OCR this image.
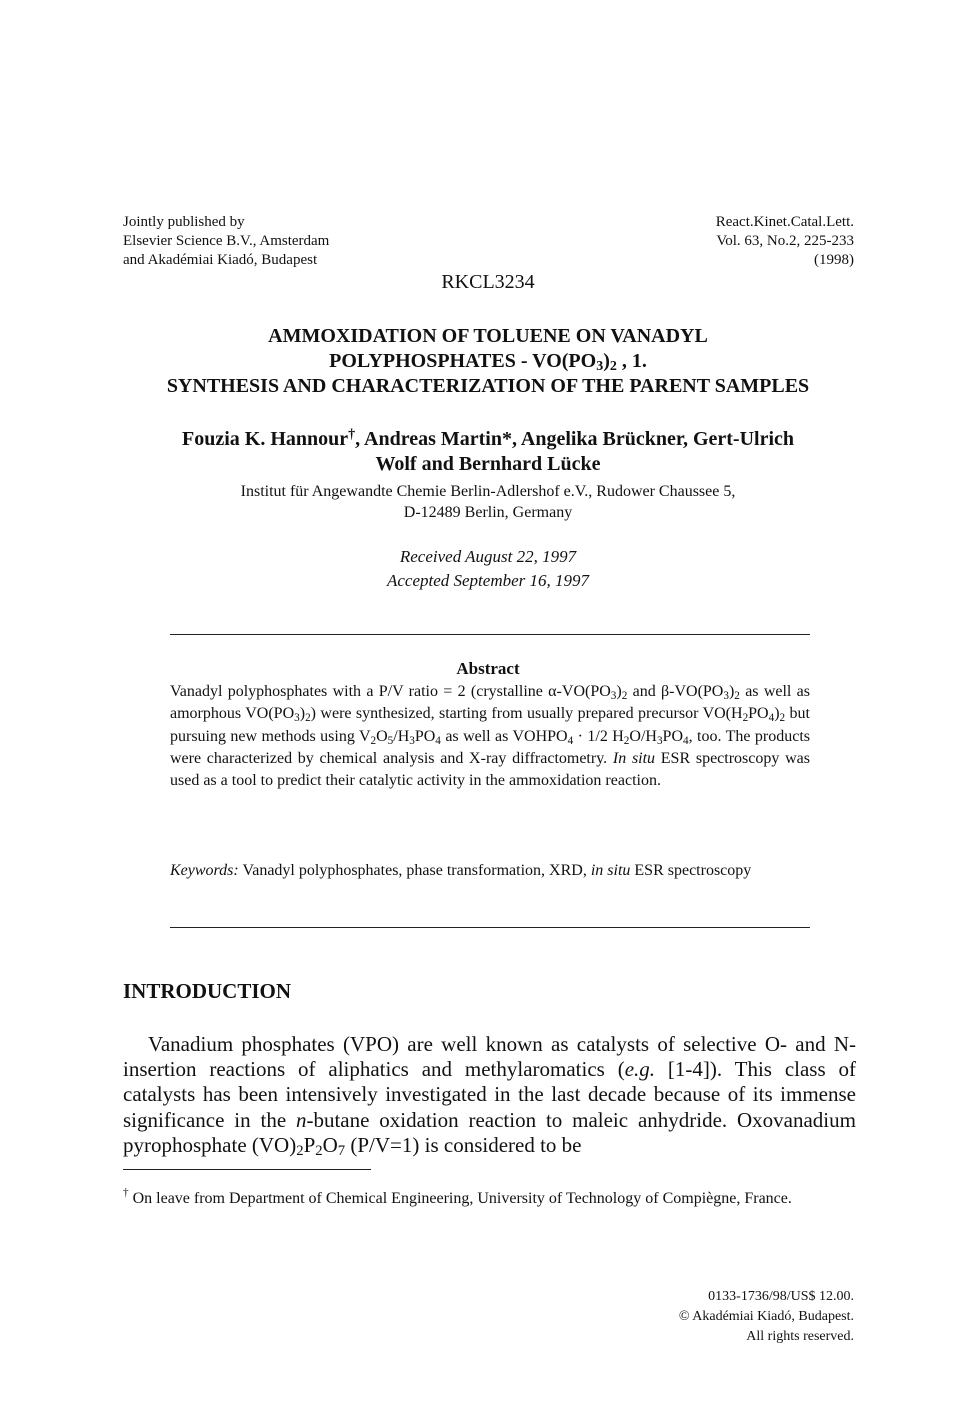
Jointly published by
Elsevier Science B.V., Amsterdam
and Akadémiai Kiadó, Budapest
React.Kinet.Catal.Lett.
Vol. 63, No.2, 225-233
(1998)
RKCL3234
AMMOXIDATION OF TOLUENE ON VANADYL
POLYPHOSPHATES - $VO(PO_3)_2$ , 1.
SYNTHESIS AND CHARACTERIZATION OF THE PARENT SAMPLES
Fouzia K. Hannour†, Andreas Martin*, Angelika Brückner, Gert-Ulrich
Wolf and Bernhard Lücke
Institut für Angewandte Chemie Berlin-Adlershof e.V., Rudower Chaussee 5,
D-12489 Berlin, Germany
Received August 22, 1997
Accepted September 16, 1997
Abstract
Vanadyl polyphosphates with a P/V ratio = 2 (crystalline $\alpha-VO(PO_3)_2$ and $\beta-VO(PO_3)_2$ as well as amorphous $VO(PO_3)_2$) were synthesized, starting from usually prepared precursor $VO(H_2PO_4)_2$ but pursuing new methods using $V_2O_5/H_3PO_4$ as well as $VOHPO_4 \cdot 1/2$ $H_2O/H_3PO_4$, too. The products were characterized by chemical analysis and X-ray diffractometry. In situ ESR spectroscopy was used as a tool to predict their catalytic activity in the ammoxidation reaction.
Keywords: Vanadyl polyphosphates, phase transformation, XRD, in situ ESR spectroscopy
INTRODUCTION

Vanadium phosphates (VPO) are well known as catalysts of selective O- and N-insertion reactions of aliphatics and methylaromatics (e.g. [1-4]). This class of catalysts has been intensively investigated in the last decade because of its immense significance in the n-butane oxidation reaction to maleic anhydride. Oxovanadium pyrophosphate $(VO)_2P_2O_7$ (P/V=1) is considered to be

† On leave from Department of Chemical Engineering, University of Technology of Compiègne, France.
0133-1736/98/US$ 12.00.
© Akadémiai Kiadó, Budapest.
All rights reserved.
